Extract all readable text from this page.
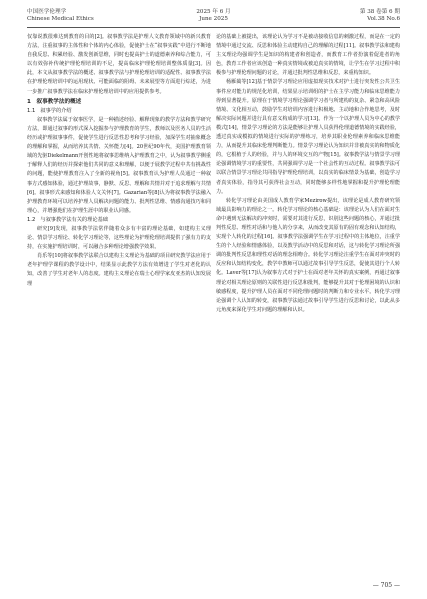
中国医学伦理学
Chinese Medical Ethics
2025 年 6 月
June 2025
第 38 卷第 6 期
Vol.38 No.6

仅靠说教很难达到教育的目的[2]。叙事教学法是护理人文教育领域中的新兴教育方法，注重叙事的主体性和个体的内心体验，促使护士在“叙事实践”中进行不断地自我反思、积累经验、激发创新思维，同时也提高护士的道德素养和综合能力，可以有效弥补传统护理伦理培训的不足，提高临床护理伦理培训整体质量[3]。因此，本文从叙事教学法的概述、叙事教学法与护理伦理培训的适配性、叙事教学法在护理伦理培训中的运用现状、可能面临的阻碍、未来展望等方面进行综述，为进一步推广叙事教学法在临床护理伦理培训中的应用提供参考。

1　叙事教学法的概述
1.1　叙事学的介绍

叙事教学法属于叙事医学，是一种描述经验、解释现象的教学方法和教学研究方法，即通过叙事的形式深入挖掘参与护理教育的学生，教师以及医务人员的生活经历或护理叙事事件，促使学生进行反思性思考和学习经验，加深学生对抽象概念的理解和掌握，从而培养其共情、关怀能力[4]。20世纪90年代，美国护理教育领域的先驱Diekelmann开创性地将叙事思维纳入护理教育之中，认为叙事教学侧重于解释人们的经历并探索他们共同的意义和理解，以便于展教学过程中共有挑战性的问题，能使护理教育注入了全新的视角[5]。叙事教育认为护理人员通过一种叙事方式感知体验，通过护理故事，静默、反思、理解和共情并对于追求理解与共情[6]。叙事形式来感知和体验人文关怀[7]。Gazarian等[8]认为将叙事教学法融入护理教育环境可以培养护理人员解决问题的能力、批判性思维、情感沟通技巧和同理心，并增强他们在护理生涯中的职业认同感。

1.2　与叙事教学法有关的理论基础

研究[9]发现，叙事教学法常伴随着众多有丰富的理论基础，如建构主义理论、情景学习理论、转化学习理论等，这些理论为护理伦理培训提供了强有力的支持，在实施护理培训时，可以融合多种理论增强教学效果。

肖乐等[10]将叙事教学法联合以建构主义理论为基础的项目研究教学法应用于老年护理学课程的教学设计中，结果显示此教学方法有效增进了学生对老化的认知，改善了学生对老年人的态度。建构主义理论在瑞士心理学家皮亚杰的认知发展理

论的基础上被提出，该理论认为学习不是被动接收信息的刺激过程，而是在一定的情境中通过交流、反思和体验主动建构自己的理解的过程[11]。叙事教学法和建构主义理论均强调学生是知识的构建者和创造者，而教育工作者扮演着促进者的角色，教育工作者应该创造一种真实情境或被迫真实的情境，让学生在学习过程中积极参与护理伦理问题的讨论，并通过批判性思维和反思，来重构知识。

杨雁蔺等[12]基于情景学习理论应用虚拟现实技术对护士进行突发性公共卫生事件应对能力的规范化培训，结果显示培训组的护士在主学习能力和临床思维能力得到显著提升。原理在于情境学习理论强调学习者与所建构的复杂、紧急和高风险情境、文化相互动，鼓励学生对培训内容进行积极地、主动地和合作地思考，及时解决实际问题并进行具有意义构成的学习[13]。作为一个以护理人员为中心的教学模式[14]，情景学习理论的方法是能够让护理人员获得伦理道德情境的实践经验，透过真实或模拟的情境进行实际的护理练习，培养其职业伦理素养和临床思维能力，从而提升其临床伦理判断能力。情景学习理论认为知识并非被真实的和物质化的，它根植于人的经验，并与人的环境交互的产物[15]。叙事教学法与情景学习理论强调情境学习的重要性，共同强调学习是一个社会性的互动过程。叙事教学法可以联合情景学习理论共同指导护理伦理培训，以真实的临床情景为基础，创造学习者真实体验，指导其可获得社会互动，同时能够多样性地掌握和提升护理伦理能力。

转化学习理论由美国成人教育学家Mezirow提出，该理论是成人教育研究领域最具影响力的理论之一。转化学习理论的核心基础是：该理论认为人们在面对生命中遇到无法解决的冲突时，需要对其进行反思，识别这些问题的核心，并通过批判性反思、理性对话和与他人的分享来，从而改变其原有的固有观念和认知结构，实现个人转化的过程[16]。叙事教学法强调学生在学习过程中的主体地位，注重学生的个人经验和情感体验，以及教学活动中的反思和对话，这与转化学习理论所强调的批判性反思和理性对话的理念相吻合。转化学习理论注重学生在面对冲突时的反应和认知结构变化，教学中教师可以通过故事引导学生反思，促使其进行个人转化。Laver等[17]认为叙事方式对于护士在面对老年关怀的真实案例，再通过叙事理论对相关理论原则的关联性进行反思和批判，能够提升其对于伦理困境的认识和敏感程度，提升护理人员在面对不同伦理问题时的判断力和专业水平。转化学习理论强调个人认知的转变，叙事教学法通过故事引导学生进行反思和讨论，以此从多元角度来深化学生对问题的理解和认识。

— 705 —
